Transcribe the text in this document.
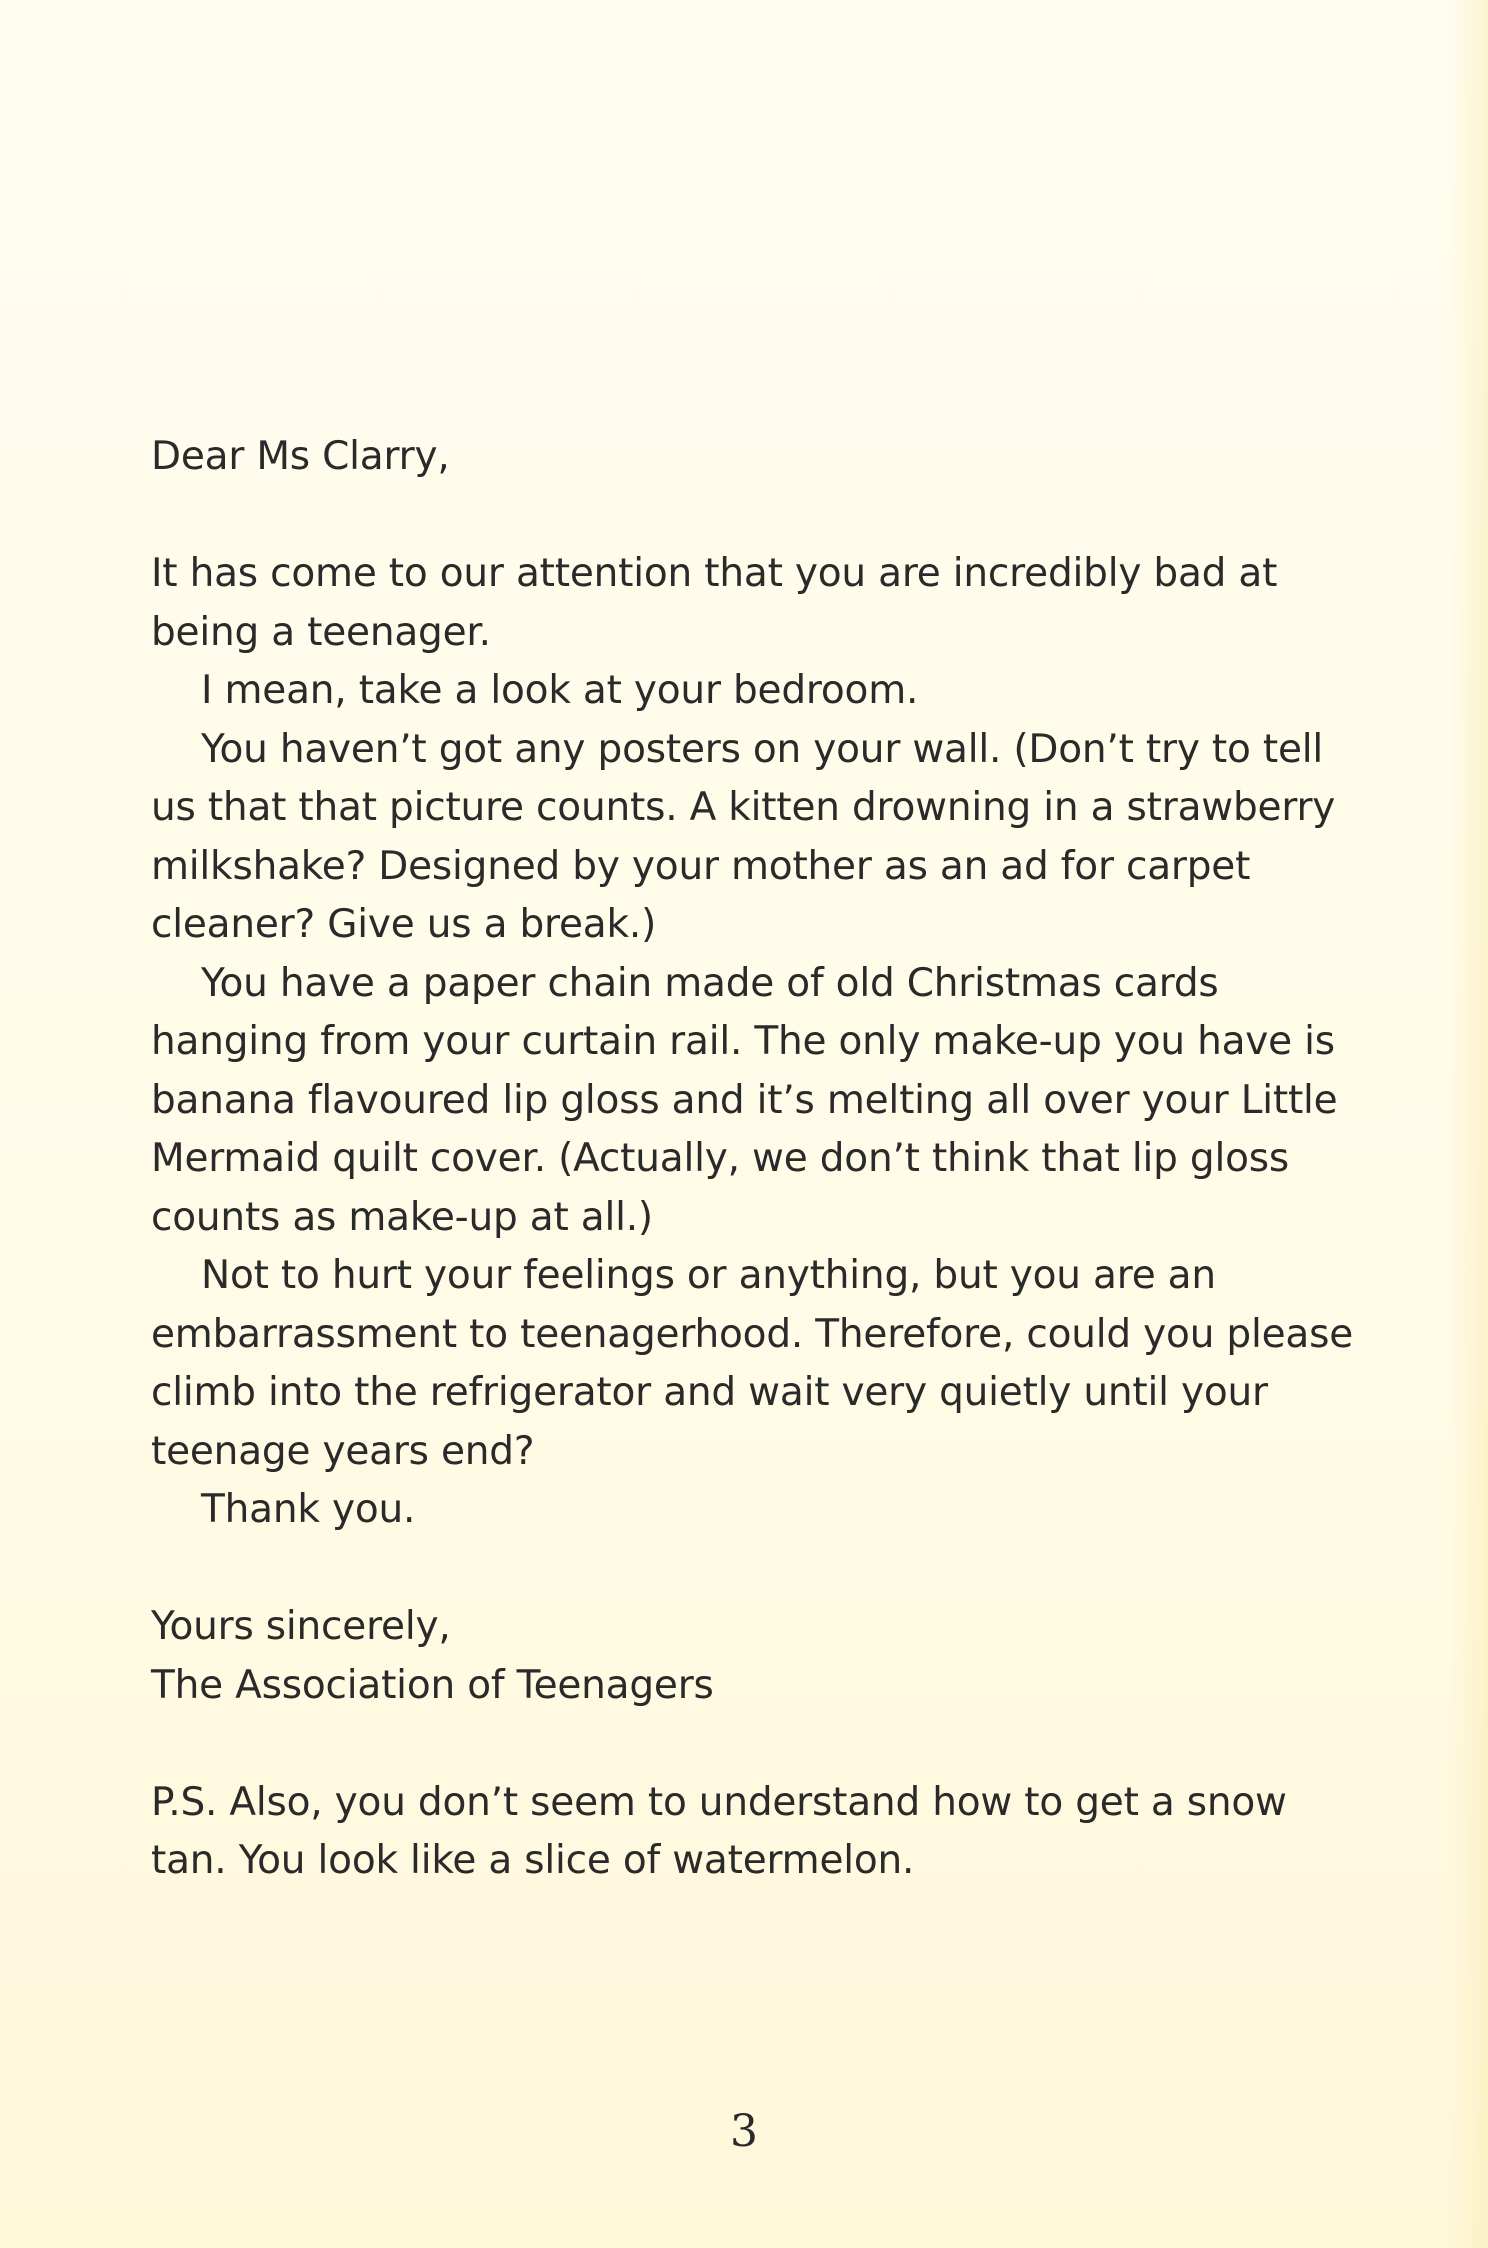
Dear Ms Clarry,

It has come to our attention that you are incredibly bad at being a teenager.

I mean, take a look at your bedroom.

You haven’t got any posters on your wall. (Don’t try to tell us that that picture counts. A kitten drowning in a strawberry milkshake? Designed by your mother as an ad for carpet cleaner? Give us a break.)

You have a paper chain made of old Christmas cards hanging from your curtain rail. The only make-up you have is banana flavoured lip gloss and it’s melting all over your Little Mermaid quilt cover. (Actually, we don’t think that lip gloss counts as make-up at all.)

Not to hurt your feelings or anything, but you are an embarrassment to teenagerhood. Therefore, could you please climb into the refrigerator and wait very quietly until your teenage years end?

Thank you.

Yours sincerely,

The Association of Teenagers

P.S. Also, you don’t seem to understand how to get a snow tan. You look like a slice of watermelon.

3
